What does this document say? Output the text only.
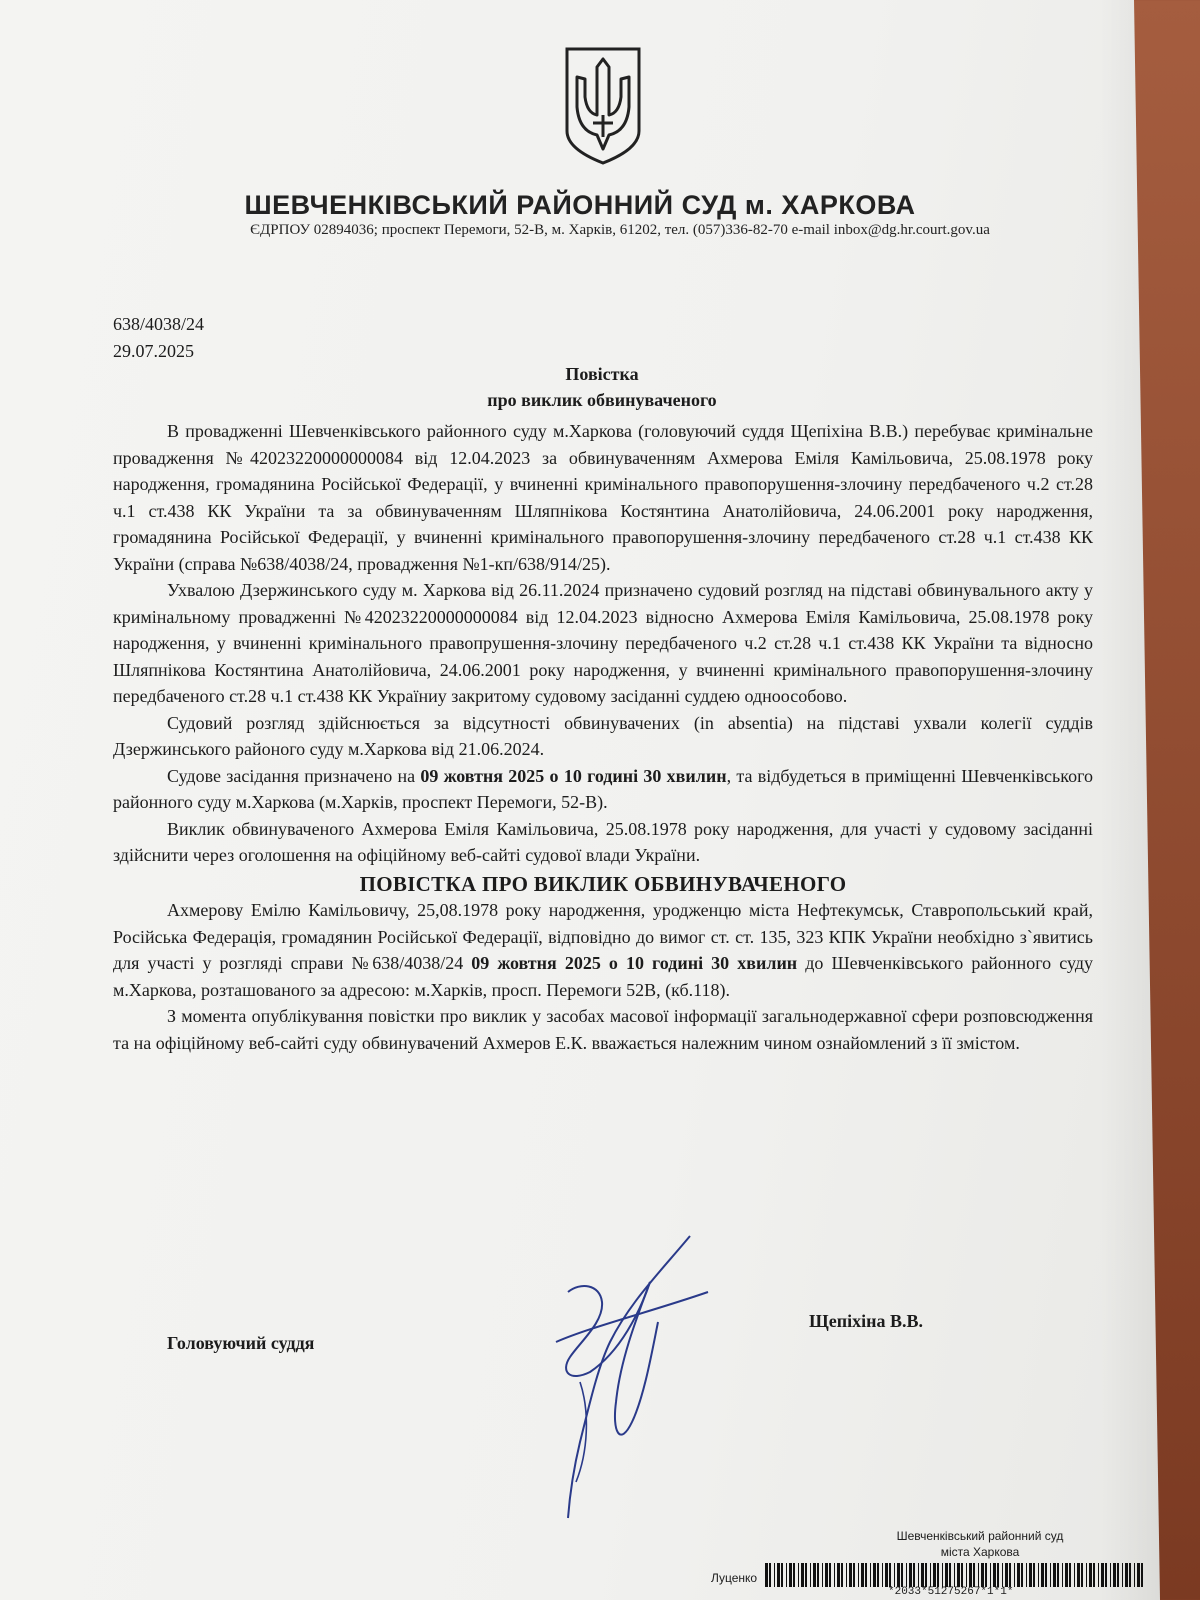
ШЕВЧЕНКІВСЬКИЙ РАЙОННИЙ СУД м. ХАРКОВА
ЄДРПОУ 02894036; проспект Перемоги, 52-В, м. Харків, 61202, тел. (057)336-82-70 e-mail inbox@dg.hr.court.gov.ua
638/4038/24
29.07.2025
Повістка
про виклик обвинуваченого

В провадженні Шевченківського районного суду м.Харкова (головуючий суддя Щепіхіна В.В.) перебуває кримінальне провадження №42023220000000084 від 12.04.2023 за обвинуваченням Ахмерова Еміля Камільовича, 25.08.1978 року народження, громадянина Російської Федерації, у вчиненні кримінального правопорушення-злочину передбаченого ч.2 ст.28 ч.1 ст.438 КК України та за обвинуваченням Шляпнікова Костянтина Анатолійовича, 24.06.2001 року народження, громадянина Російської Федерації, у вчиненні кримінального правопорушення-злочину передбаченого ст.28 ч.1 ст.438 КК України (справа №638/4038/24, провадження №1-кп/638/914/25).

Ухвалою Дзержинського суду м. Харкова від 26.11.2024 призначено судовий розгляд на підставі обвинувального акту у кримінальному провадженні №42023220000000084 від 12.04.2023 відносно Ахмерова Еміля Камільовича, 25.08.1978 року народження, у вчиненні кримінального правопрушення-злочину передбаченого ч.2 ст.28 ч.1 ст.438 КК України та відносно Шляпнікова Костянтина Анатолійовича, 24.06.2001 року народження, у вчиненні кримінального правопорушення-злочину передбаченого ст.28 ч.1 ст.438 КК Україниу закритому судовому засіданні суддею одноособово.

Судовий розгляд здійснюється за відсутності обвинувачених (in absentia) на підставі ухвали колегії суддів Дзержинського районого суду м.Харкова від 21.06.2024.

Судове засідання призначено на 09 жовтня 2025 о 10 годині 30 хвилин, та відбудеться в приміщенні Шевченківського районного суду м.Харкова (м.Харків, проспект Перемоги, 52-В).

Виклик обвинуваченого Ахмерова Еміля Камільовича, 25.08.1978 року народження, для участі у судовому засіданні здійснити через оголошення на офіційному веб-сайті судової влади України.

ПОВІСТКА ПРО ВИКЛИК ОБВИНУВАЧЕНОГО

Ахмерову Емілю Камільовичу, 25,08.1978 року народження, уродженцю міста Нефтекумськ, Ставропольський край, Російська Федерація, громадянин Російської Федерації, відповідно до вимог ст. ст. 135, 323 КПК України необхідно з`явитись для участі у розгляді справи №638/4038/24 09 жовтня 2025 о 10 годині 30 хвилин до Шевченківського районного суду м.Харкова, розташованого за адресою: м.Харків, просп. Перемоги 52В, (кб.118).

З момента опублікування повістки про виклик у засобах масової інформації загальнодержавної сфери розповсюдження та на офіційному веб-сайті суду обвинувачений Ахмеров Е.К. вважається належним чином ознайомлений з її змістом.

Головуючий суддя
Щепіхіна В.В.
Шевченківський районний суд
міста Харкова
Луценко
*2033*51275267*1*1*
